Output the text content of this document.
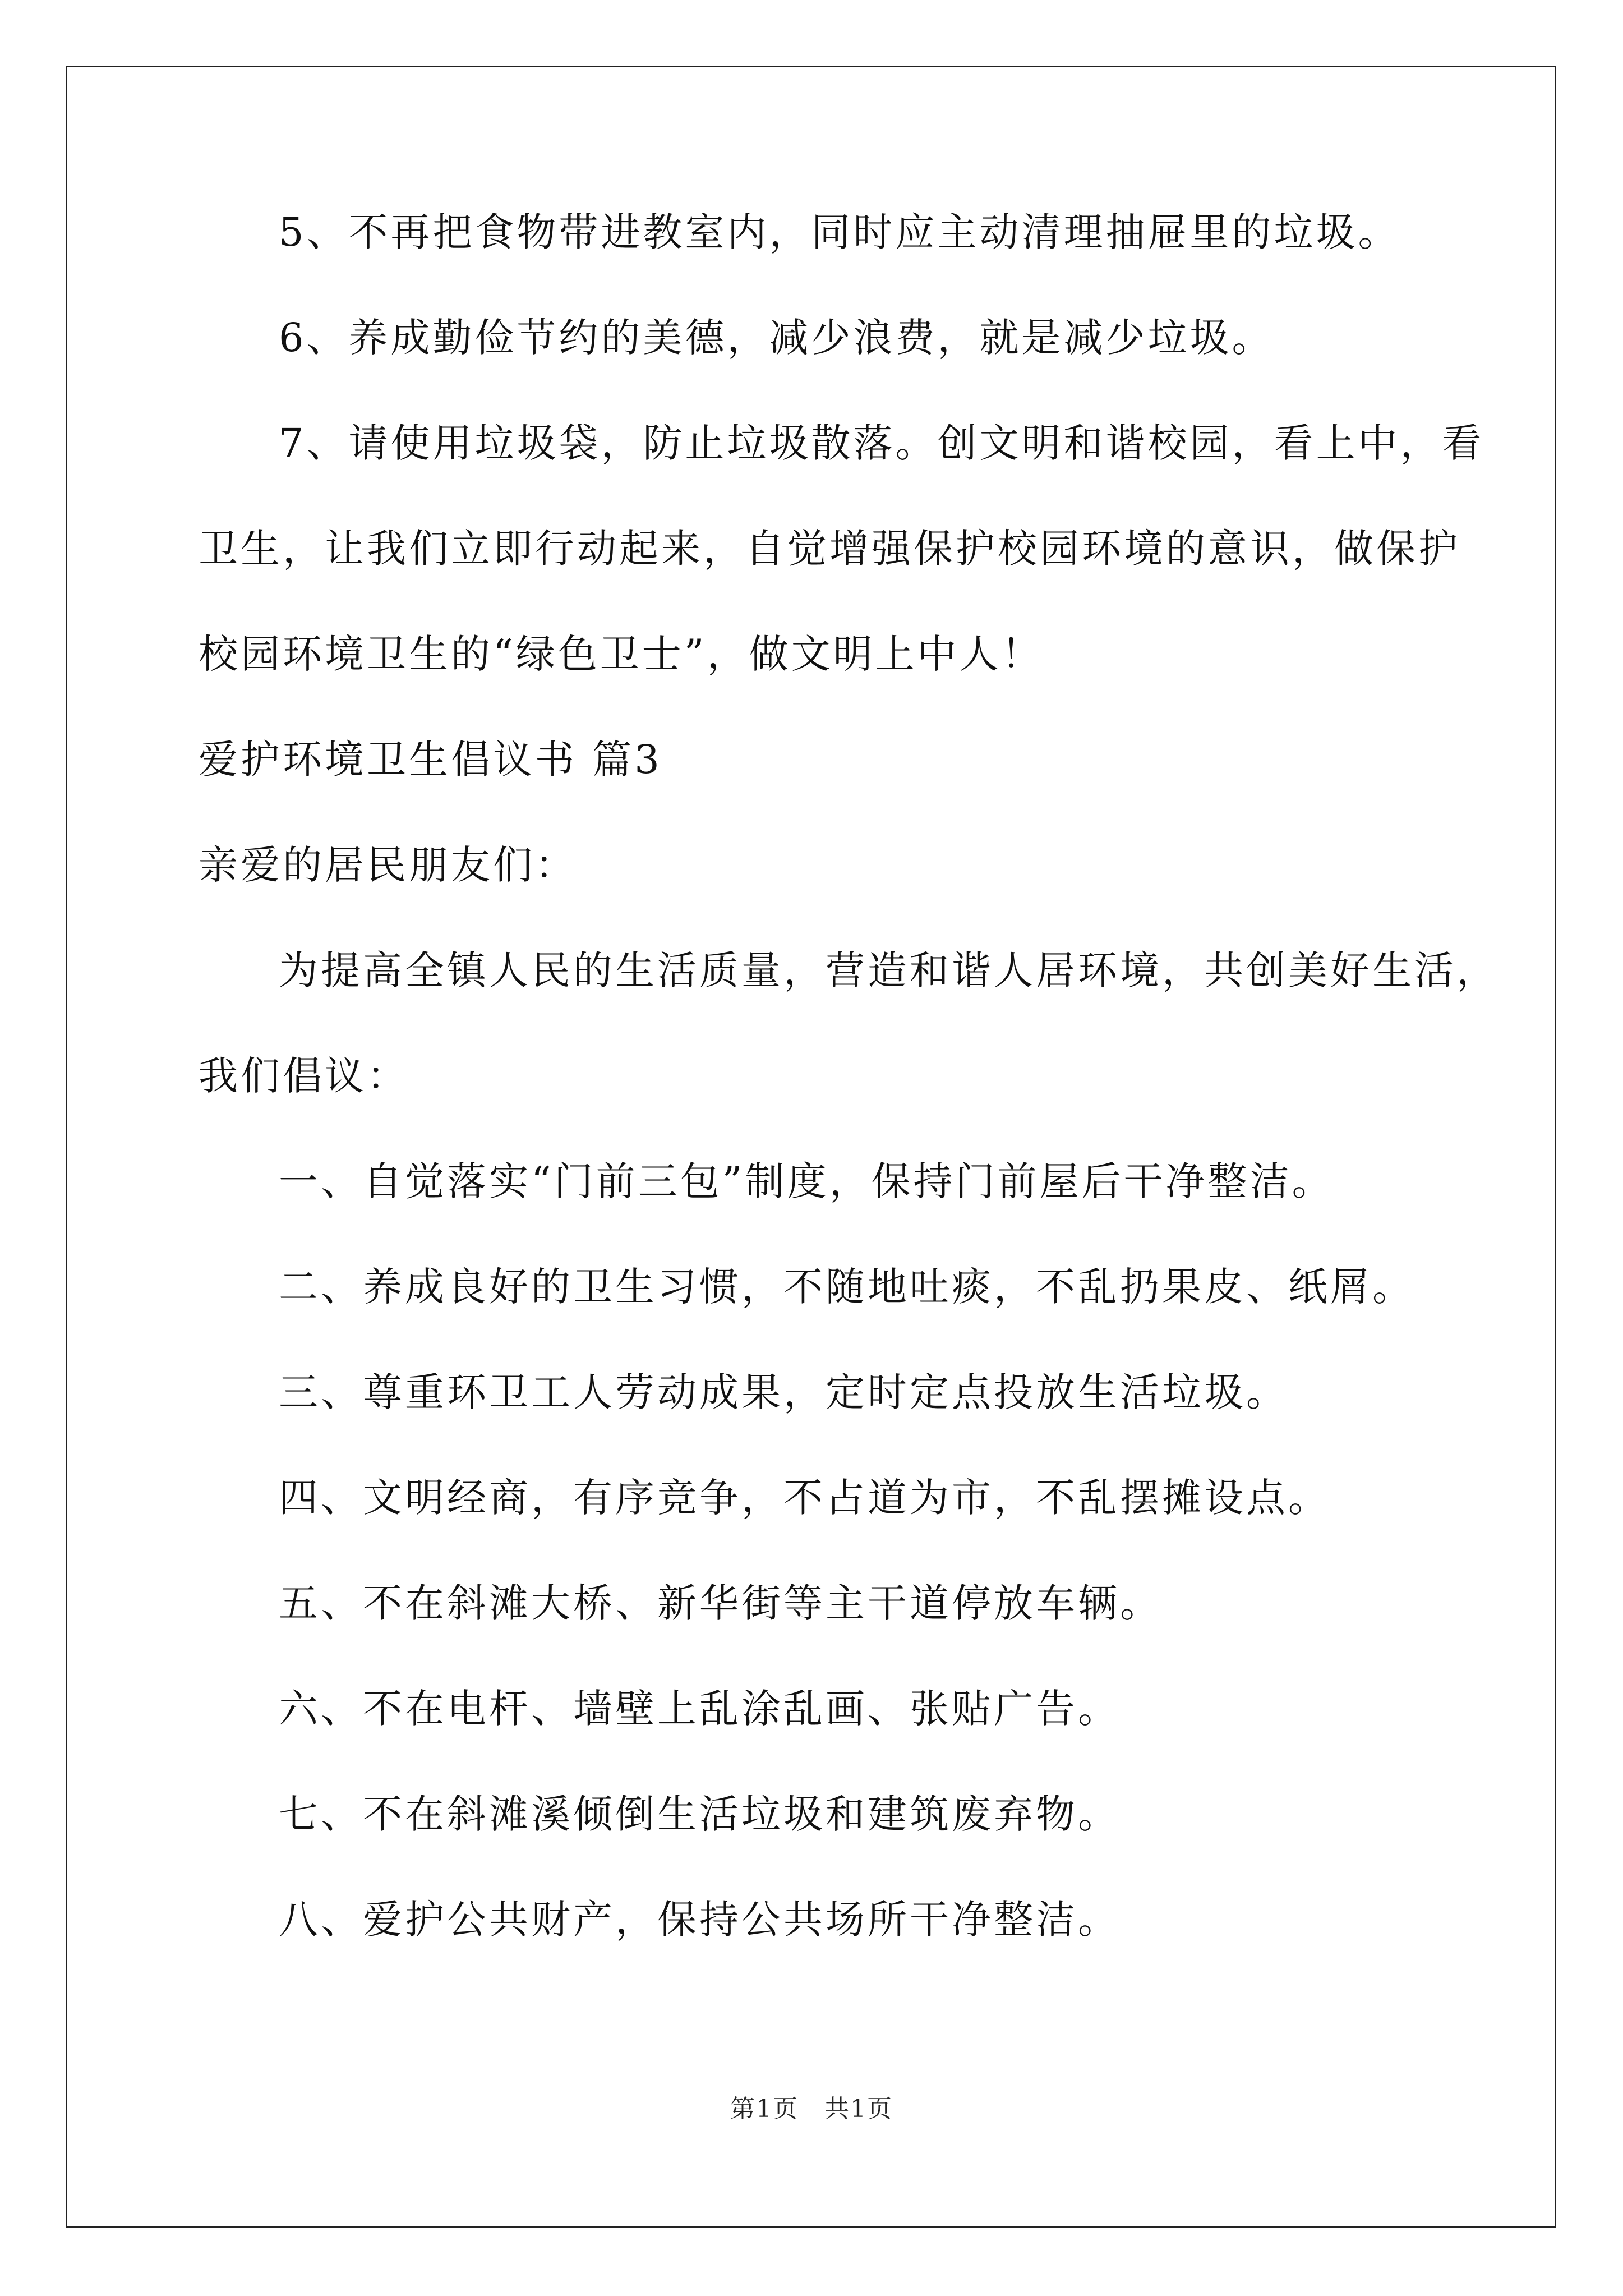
5、不再把食物带进教室内，同时应主动清理抽屉里的垃圾。
6、养成勤俭节约的美德，减少浪费，就是减少垃圾。
7、请使用垃圾袋，防止垃圾散落。创文明和谐校园，看上中，看
卫生，让我们立即行动起来，自觉增强保护校园环境的意识，做保护
校园环境卫生的“绿色卫士”，做文明上中人！
爱护环境卫生倡议书 篇3
亲爱的居民朋友们：
为提高全镇人民的生活质量，营造和谐人居环境，共创美好生活，
我们倡议：
一、自觉落实“门前三包”制度，保持门前屋后干净整洁。
二、养成良好的卫生习惯，不随地吐痰，不乱扔果皮、纸屑。
三、尊重环卫工人劳动成果，定时定点投放生活垃圾。
四、文明经商，有序竞争，不占道为市，不乱摆摊设点。
五、不在斜滩大桥、新华街等主干道停放车辆。
六、不在电杆、墙壁上乱涂乱画、张贴广告。
七、不在斜滩溪倾倒生活垃圾和建筑废弃物。
八、爱护公共财产，保持公共场所干净整洁。
第1页　共1页
